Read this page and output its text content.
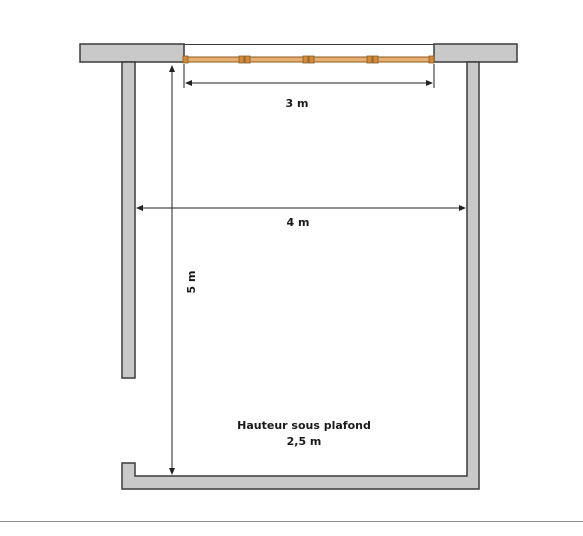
3 m
4 m
5 m
Hauteur sous plafond
2,5 m
